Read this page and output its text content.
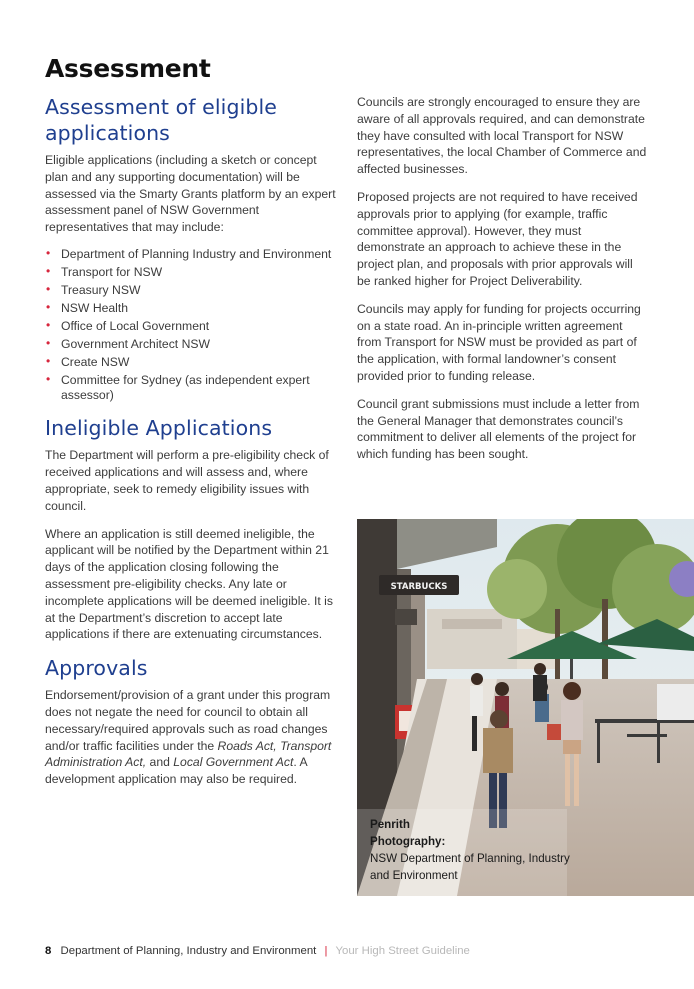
Assessment
Assessment of eligible applications

Eligible applications (including a sketch or concept plan and any supporting documentation) will be assessed via the Smarty Grants platform by an expert assessment panel of NSW Government representatives that may include:

• Department of Planning Industry and Environment
• Transport for NSW
• Treasury NSW
• NSW Health
• Office of Local Government
• Government Architect NSW
• Create NSW
• Committee for Sydney (as independent expert assessor)
Ineligible Applications

The Department will perform a pre-eligibility check of received applications and will assess and, where appropriate, seek to remedy eligibility issues with council.

Where an application is still deemed ineligible, the applicant will be notified by the Department within 21 days of the application closing following the assessment pre-eligibility checks. Any late or incomplete applications will be deemed ineligible. It is at the Department’s discretion to accept late applications if there are extenuating circumstances.

Approvals

Endorsement/provision of a grant under this program does not negate the need for council to obtain all necessary/required approvals such as road changes and/or traffic facilities under the Roads Act, Transport Administration Act, and Local Government Act. A development application may also be required.

Councils are strongly encouraged to ensure they are aware of all approvals required, and can demonstrate they have consulted with local Transport for NSW representatives, the local Chamber of Commerce and affected businesses.

Proposed projects are not required to have received approvals prior to applying (for example, traffic committee approval). However, they must demonstrate an approach to achieve these in the project plan, and proposals with prior approvals will be ranked higher for Project Deliverability.

Councils may apply for funding for projects occurring on a state road. An in-principle written agreement from Transport for NSW must be provided as part of the application, with formal landowner’s consent provided prior to funding release.

Council grant submissions must include a letter from the General Manager that demonstrates council’s commitment to deliver all elements of the project for which funding has been sought.

STARBUCKS
Penrith
Photography:
NSW Department of Planning, Industry and Environment
8 Department of Planning, Industry and Environment | Your High Street Guideline
